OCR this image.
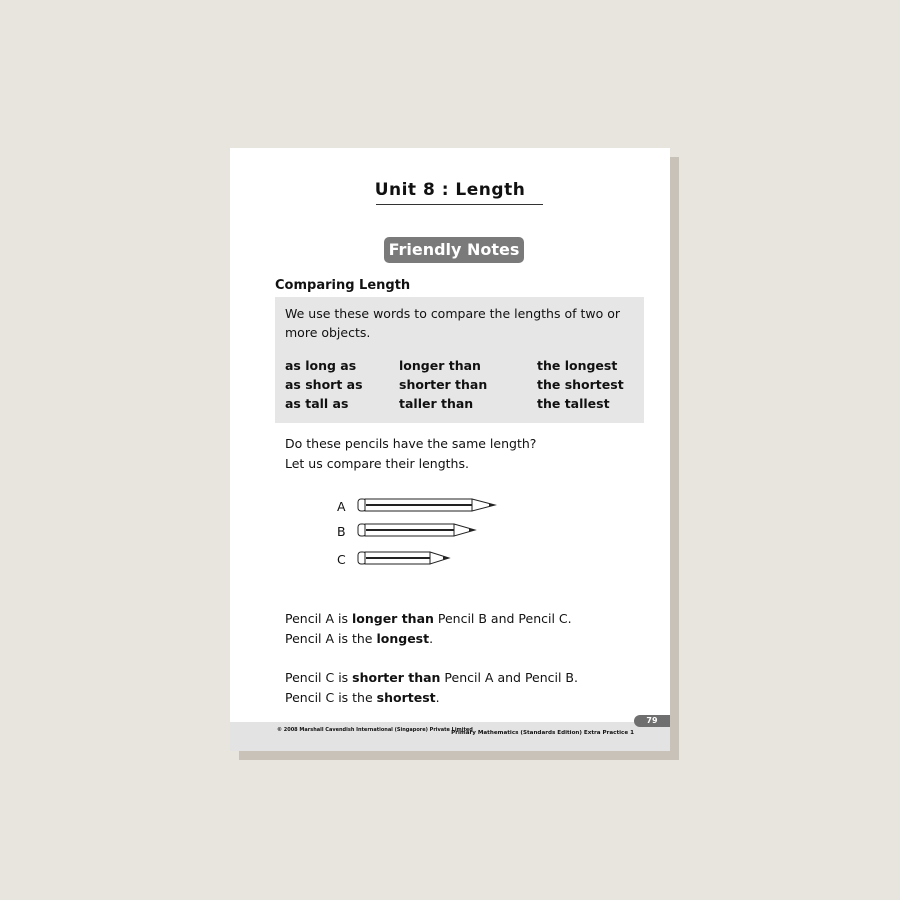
Unit 8 : Length
Friendly Notes
Comparing Length
We use these words to compare the lengths of two or more objects.
as long as	longer than	the longest
as short as	shorter than	the shortest
as tall as	taller than	the tallest
Do these pencils have the same length?
Let us compare their lengths.
A
B
C
Pencil A is longer than Pencil B and Pencil C.
Pencil A is the longest.
Pencil C is shorter than Pencil A and Pencil B.
Pencil C is the shortest.
79
© 2008 Marshall Cavendish International (Singapore) Private Limited
Primary Mathematics (Standards Edition) Extra Practice 1
